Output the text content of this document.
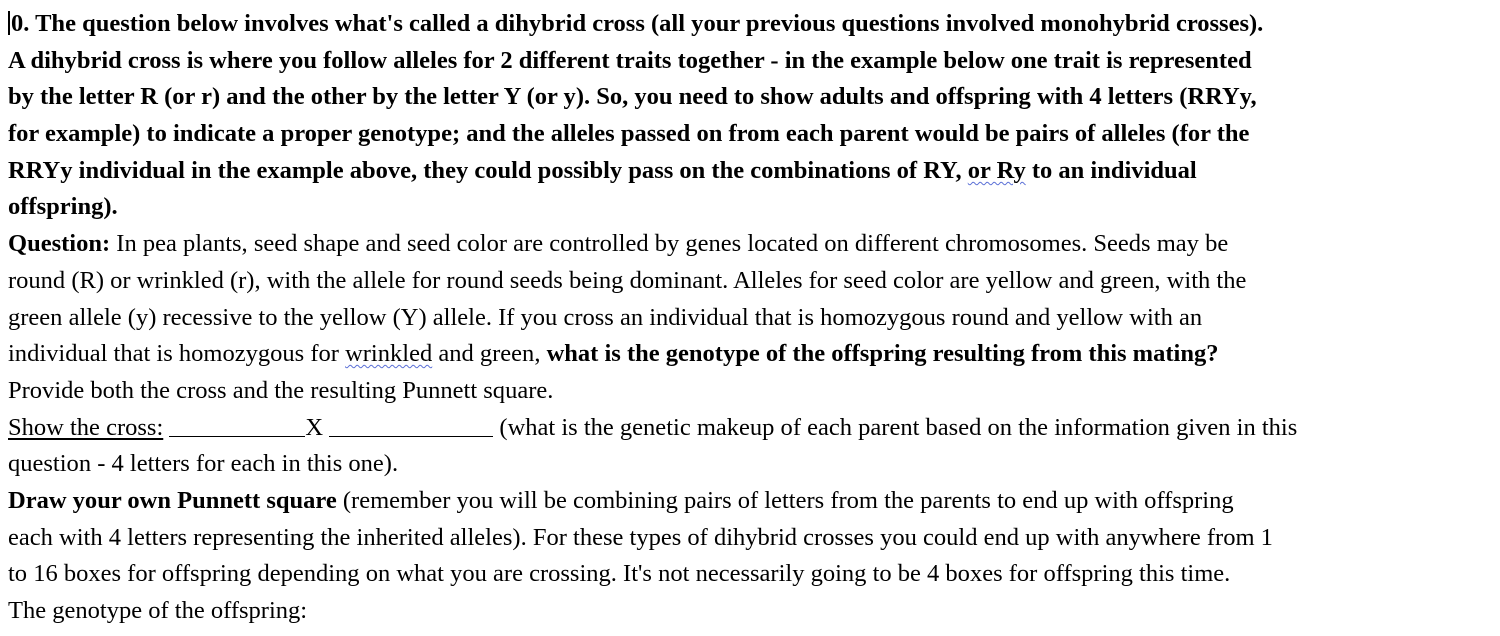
0. The question below involves what's called a dihybrid cross (all your previous questions involved monohybrid crosses).
A dihybrid cross is where you follow alleles for 2 different traits together - in the example below one trait is represented
by the letter R (or r) and the other by the letter Y (or y). So, you need to show adults and offspring with 4 letters (RRYy,
for example) to indicate a proper genotype; and the alleles passed on from each parent would be pairs of alleles (for the
RRYy individual in the example above, they could possibly pass on the combinations of RY, or Ry to an individual
offspring).
Question: In pea plants, seed shape and seed color are controlled by genes located on different chromosomes. Seeds may be
round (R) or wrinkled (r), with the allele for round seeds being dominant. Alleles for seed color are yellow and green, with the
green allele (y) recessive to the yellow (Y) allele. If you cross an individual that is homozygous round and yellow with an
individual that is homozygous for wrinkled and green, what is the genotype of the offspring resulting from this mating?
Provide both the cross and the resulting Punnett square.
Show the cross:	X	(what is the genetic makeup of each parent based on the information given in this
question - 4 letters for each in this one).
Draw your own Punnett square (remember you will be combining pairs of letters from the parents to end up with offspring
each with 4 letters representing the inherited alleles). For these types of dihybrid crosses you could end up with anywhere from 1
to 16 boxes for offspring depending on what you are crossing. It's not necessarily going to be 4 boxes for offspring this time.
The genotype of the offspring:
